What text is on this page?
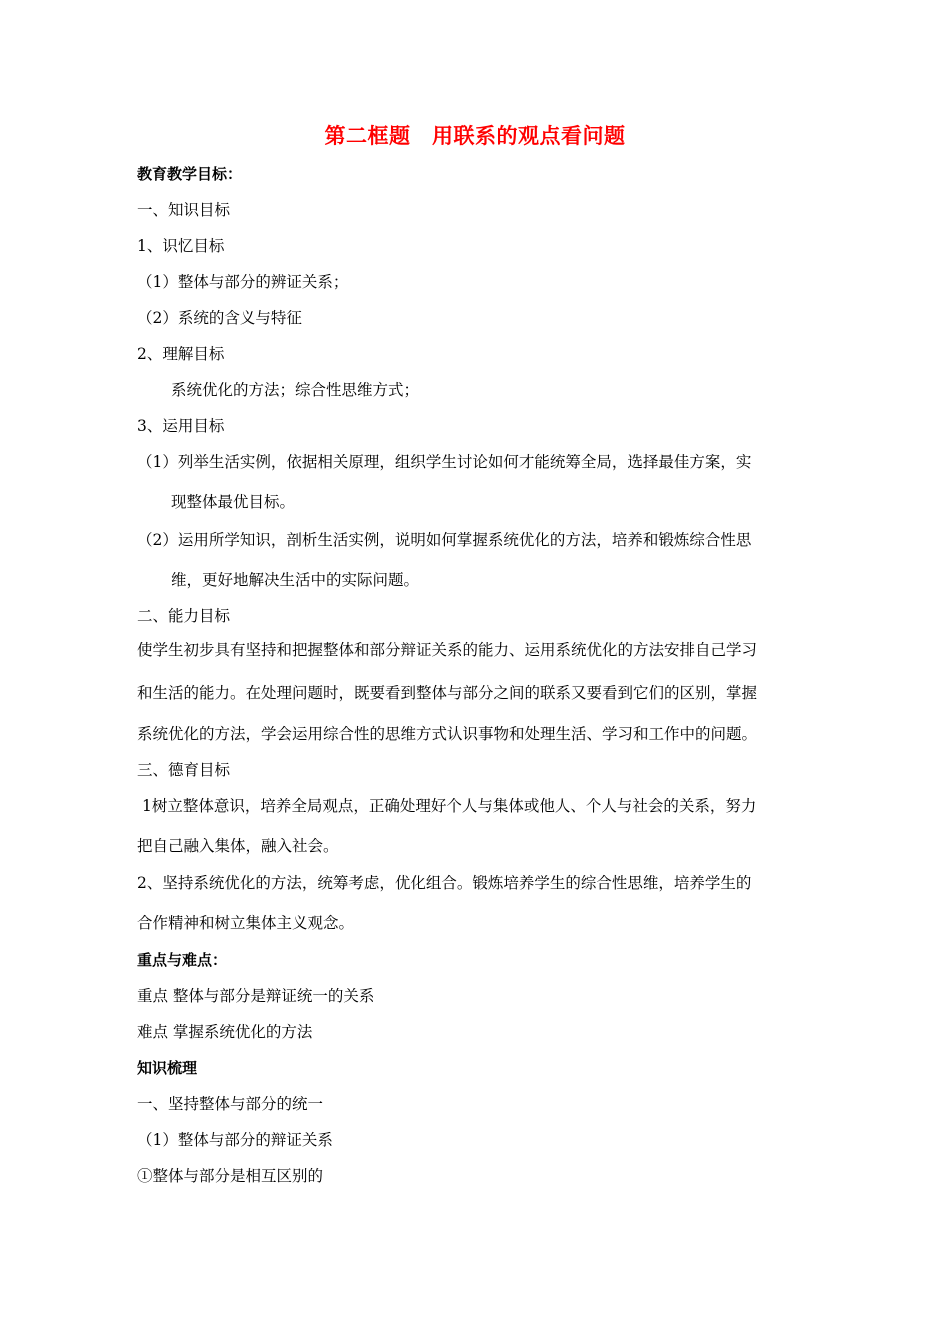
第二框题　用联系的观点看问题
教育教学目标：
一、知识目标
1、识忆目标
（1）整体与部分的辨证关系；
（2）系统的含义与特征
2、理解目标
系统优化的方法；综合性思维方式；
3、运用目标
（1）列举生活实例，依据相关原理，组织学生讨论如何才能统筹全局，选择最佳方案，实
现整体最优目标。
（2）运用所学知识，剖析生活实例，说明如何掌握系统优化的方法，培养和锻炼综合性思
维，更好地解决生活中的实际问题。
二、能力目标
使学生初步具有坚持和把握整体和部分辩证关系的能力、运用系统优化的方法安排自己学习
和生活的能力。在处理问题时，既要看到整体与部分之间的联系又要看到它们的区别，掌握
系统优化的方法，学会运用综合性的思维方式认识事物和处理生活、学习和工作中的问题。
三、德育目标
1树立整体意识，培养全局观点，正确处理好个人与集体或他人、个人与社会的关系，努力
把自己融入集体，融入社会。
2、坚持系统优化的方法，统筹考虑，优化组合。锻炼培养学生的综合性思维，培养学生的
合作精神和树立集体主义观念。
重点与难点：
重点 整体与部分是辩证统一的关系
难点 掌握系统优化的方法
知识梳理
一、坚持整体与部分的统一
（1）整体与部分的辩证关系
①整体与部分是相互区别的
